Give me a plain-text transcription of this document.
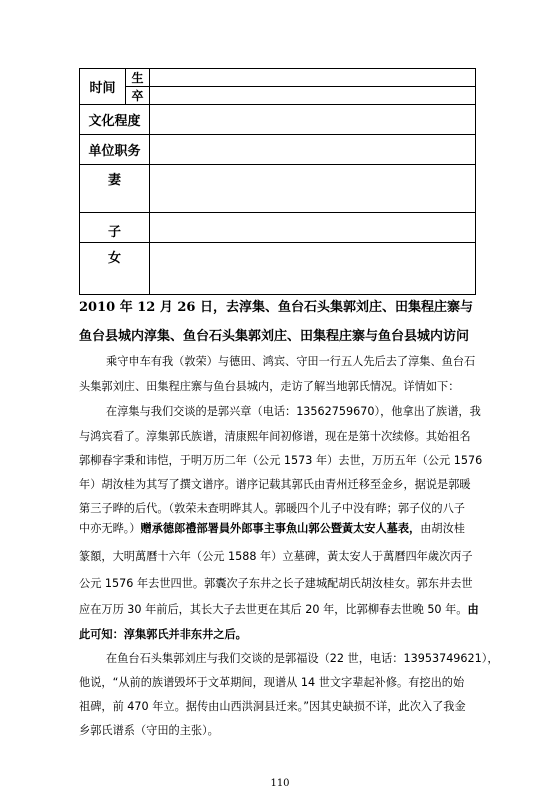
时间	生	
	卒	
文化程度		
单位职务		
妻		
子		
女		
2010 年 12 月 26 日，去淳集、鱼台石头集郭刘庄、田集程庄寨与
鱼台县城内淳集、鱼台石头集郭刘庄、田集程庄寨与鱼台县城内访问
乘守申车有我（敦荣）与德田、鸿宾、守田一行五人先后去了淳集、鱼台石
头集郭刘庄、田集程庄寨与鱼台县城内，走访了解当地郭氏情况。详情如下：
在淳集与我们交谈的是郭兴章（电话：13562759670），他拿出了族谱，我
与鸿宾看了。淳集郭氏族谱，清康熙年间初修谱，现在是第十次续修。其始祖名
郭柳春字秉和讳恺，于明万历二年（公元 1573 年）去世，万历五年（公元 1576
年）胡汝桂为其写了撰文谱序。谱序记载其郭氏由青州迁移至金乡，据说是郭暖
第三子晔的后代。（敦荣未查明晔其人。郭暖四个儿子中没有晔；郭子仪的八子
中亦无晔。）赠承德郎禮部署員外郎事主事魚山郭公暨黃太安人墓表，由胡汝桂
篆額，大明萬曆十六年（公元 1588 年）立墓碑，黃太安人于萬曆四年歲次丙子
公元 1576 年去世四世。郭囊次子东井之长子建城配胡氏胡汝桂女。郭东井去世
应在万历 30 年前后，其长大子去世更在其后 20 年，比郭柳春去世晚 50 年。由
此可知：淳集郭氏并非东井之后。
在鱼台石头集郭刘庄与我们交谈的是郭福设（22 世，电话：13953749621），
他说，“从前的族谱毁坏于文革期间，现谱从 14 世文字辈起补修。有挖出的始
祖碑，前 470 年立。据传由山西洪洞县迁来。”因其史缺损不详，此次入了我金
乡郭氏谱系（守田的主张）。
110
